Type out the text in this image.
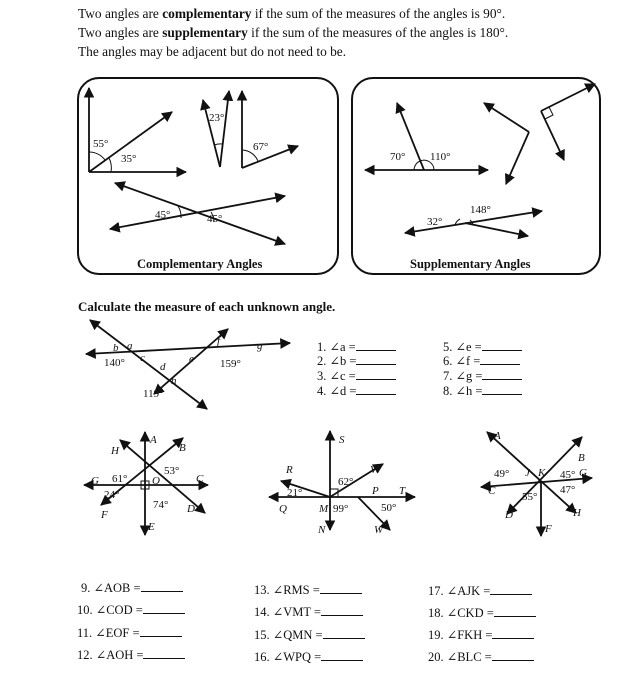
Two angles are complementary if the sum of the measures of the angles is 90°.
Two angles are supplementary if the sum of the measures of the angles is 180°.
The angles may be adjacent but do not need to be.
Complementary Angles	Supplementary Angles
Calculate the measure of each unknown angle.
55°
35°
23°
67°
45°	45°
70° 110°
148°
32°
b a
c
d
e
f	g
h
140°	159°
119°
A
B
C
D
E
F
G
H
O
61°
53°
24°
74°
S
R	V
P T
Q	M
N	W
62°
21°
99°	50°
A
B
G
J K
C
D	H
F
49°	45°
47°
55°
1. ∠a =
2. ∠b =
3. ∠c =
4. ∠d =
5. ∠e =
6. ∠f =
7. ∠g =
8. ∠h =
9. ∠AOB =
10. ∠COD =
11. ∠EOF =
12. ∠AOH =
13. ∠RMS =
14. ∠VMT =
15. ∠QMN =
16. ∠WPQ =
17. ∠AJK =
18. ∠CKD =
19. ∠FKH =
20. ∠BLC =
